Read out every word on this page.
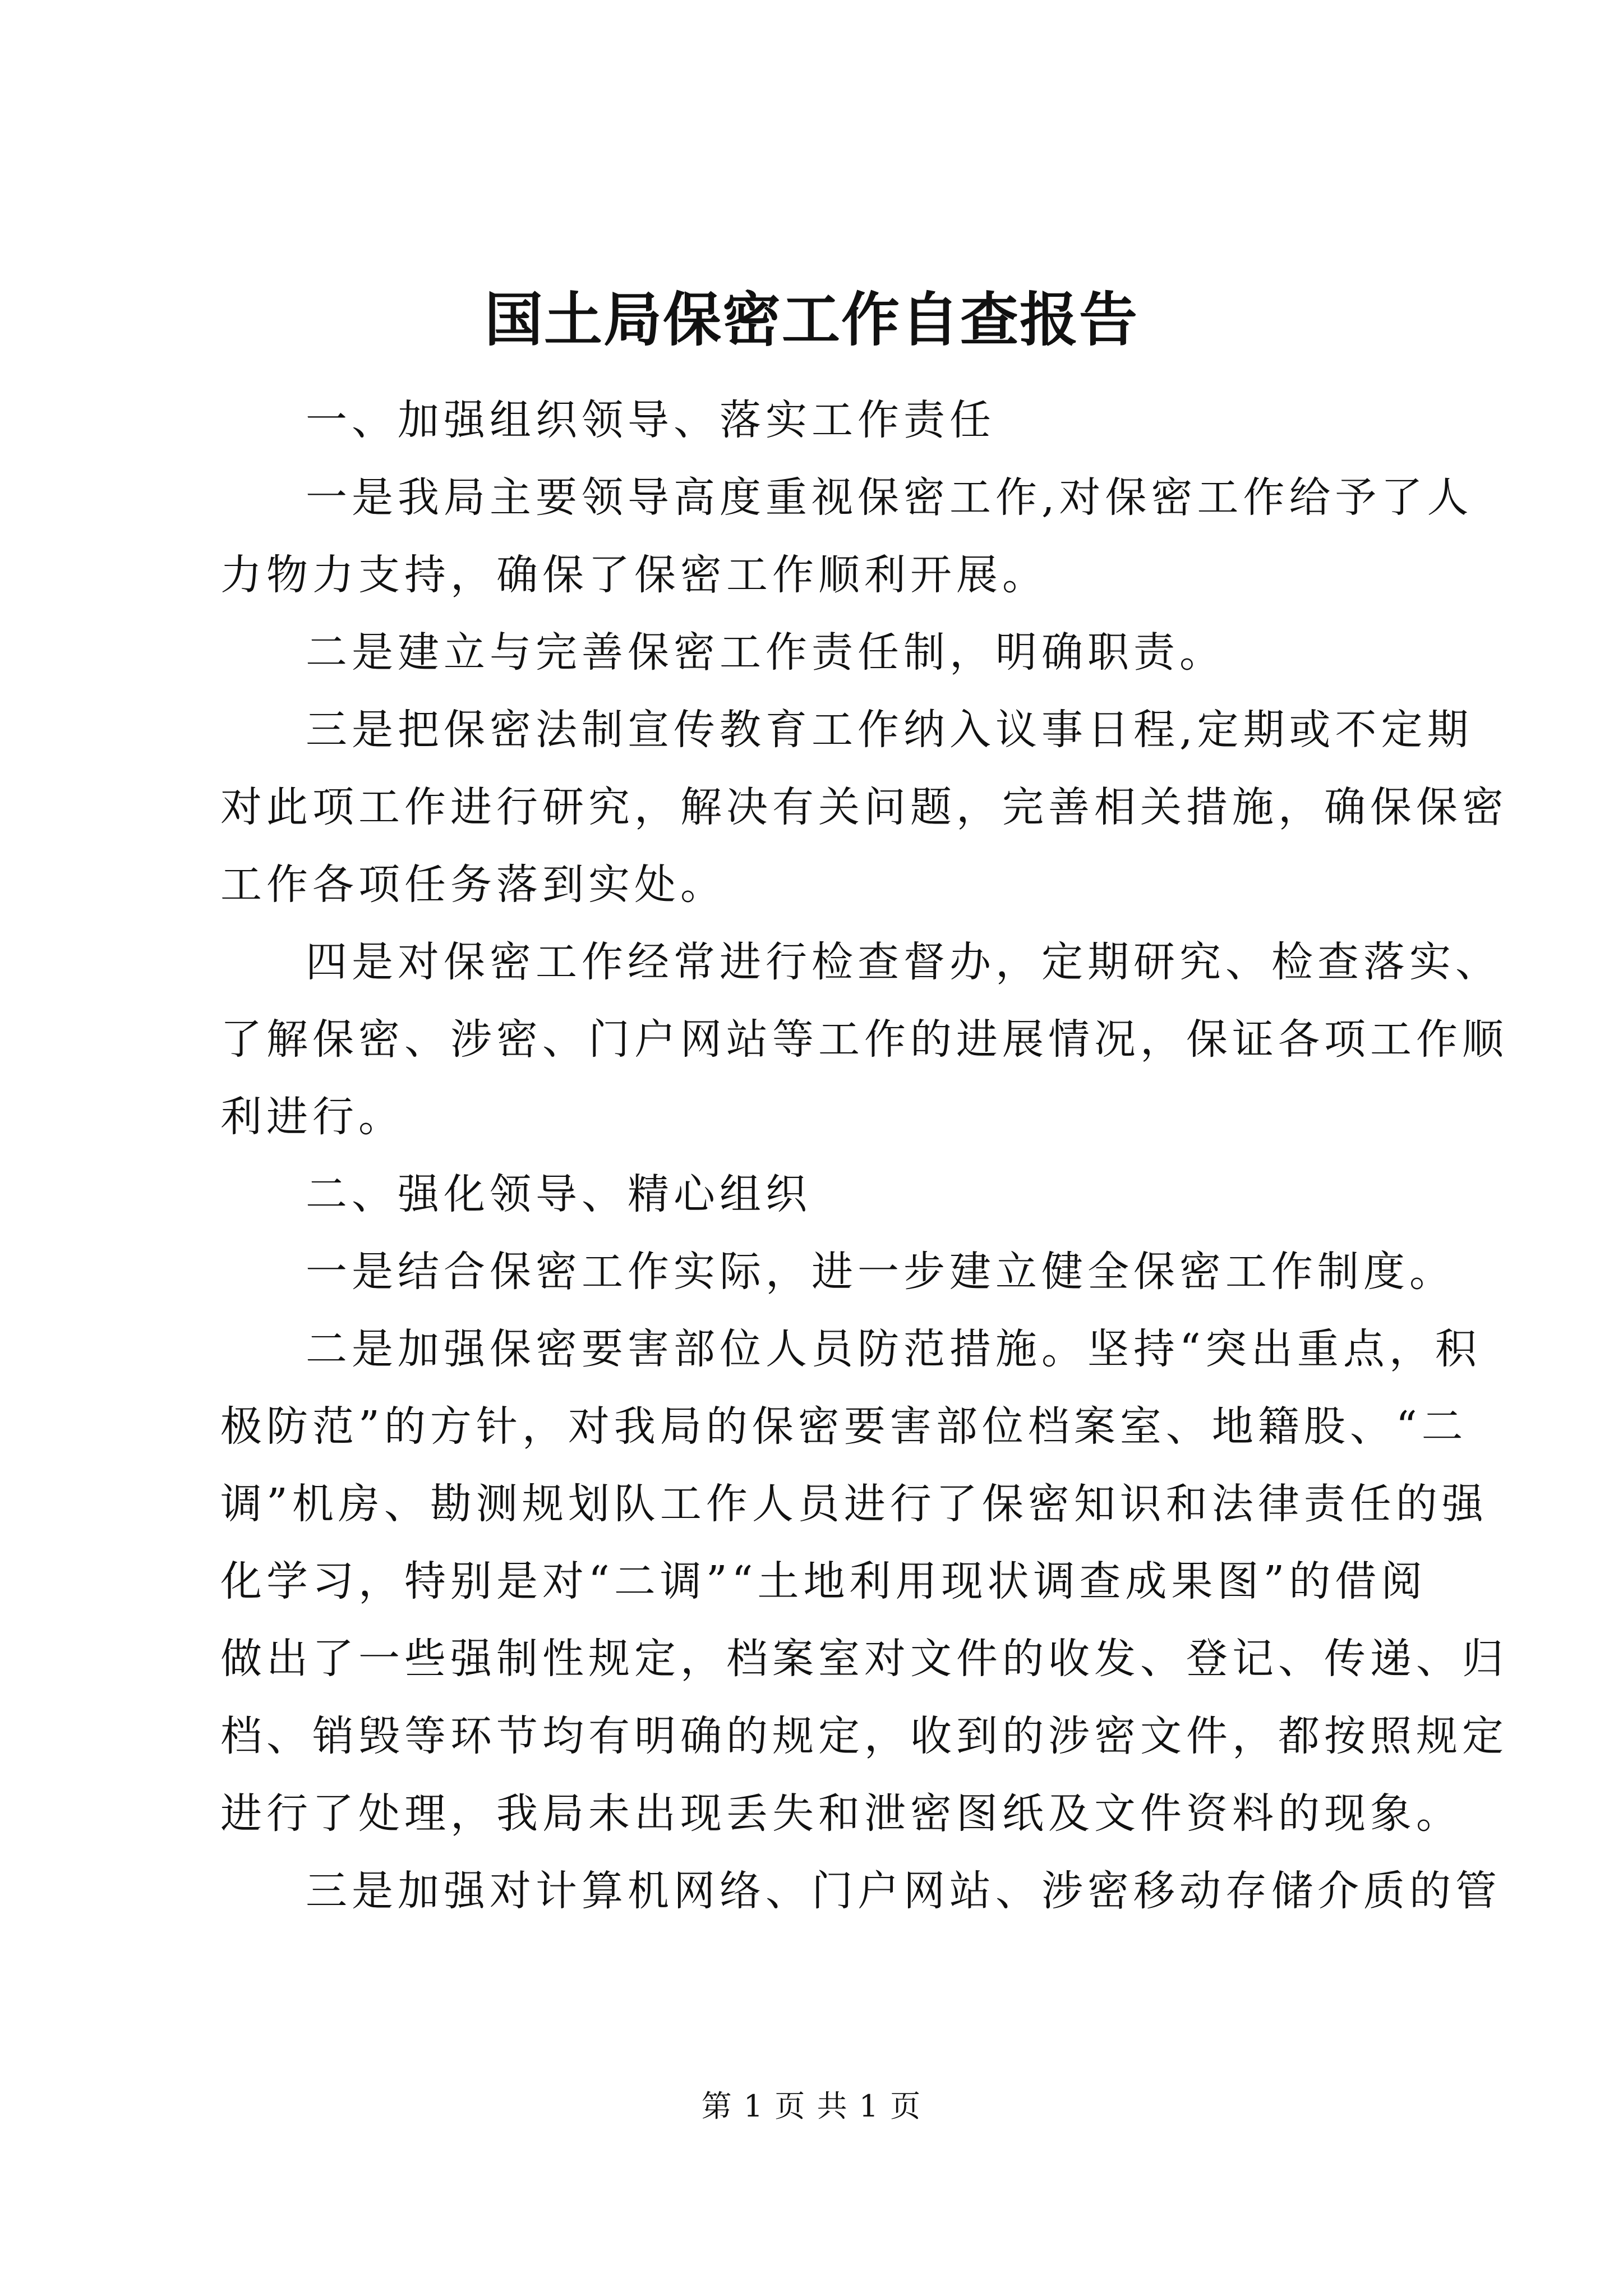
国土局保密工作自查报告

一、加强组织领导、落实工作责任

一是我局主要领导高度重视保密工作,对保密工作给予了人
力物力支持，确保了保密工作顺利开展。

二是建立与完善保密工作责任制，明确职责。

三是把保密法制宣传教育工作纳入议事日程,定期或不定期
对此项工作进行研究，解决有关问题，完善相关措施，确保保密
工作各项任务落到实处。

四是对保密工作经常进行检查督办，定期研究、检查落实、
了解保密、涉密、门户网站等工作的进展情况，保证各项工作顺
利进行。

二、强化领导、精心组织

一是结合保密工作实际，进一步建立健全保密工作制度。

二是加强保密要害部位人员防范措施。坚持“突出重点，积
极防范”的方针，对我局的保密要害部位档案室、地籍股、“二
调”机房、勘测规划队工作人员进行了保密知识和法律责任的强
化学习，特别是对“二调”“土地利用现状调查成果图”的借阅
做出了一些强制性规定，档案室对文件的收发、登记、传递、归
档、销毁等环节均有明确的规定，收到的涉密文件，都按照规定
进行了处理，我局未出现丢失和泄密图纸及文件资料的现象。

三是加强对计算机网络、门户网站、涉密移动存储介质的管

第 1 页 共 1 页
